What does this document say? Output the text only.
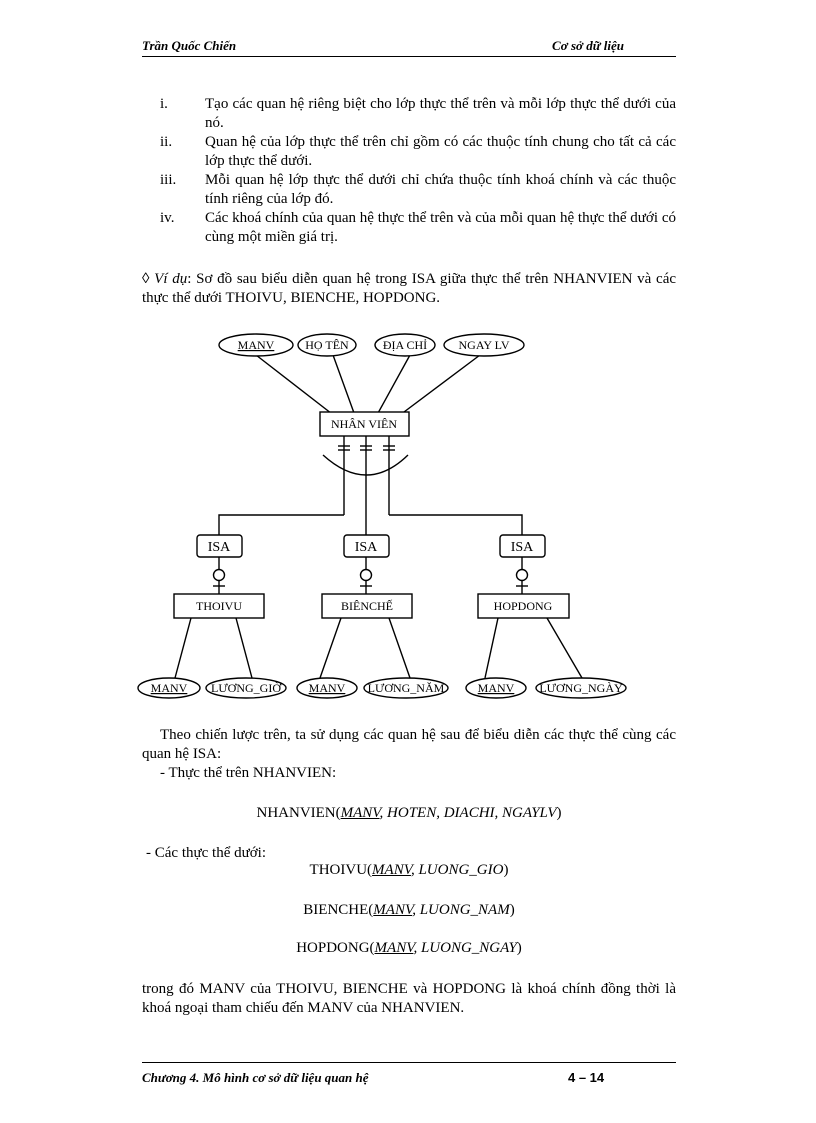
Trần Quốc Chiến	Cơ sở dữ liệu
i. Tạo các quan hệ riêng biệt cho lớp thực thể trên và mỗi lớp thực thể dưới của nó.
ii. Quan hệ của lớp thực thể trên chỉ gồm có các thuộc tính chung cho tất cả các lớp thực thể dưới.
iii. Mỗi quan hệ lớp thực thể dưới chỉ chứa thuộc tính khoá chính và các thuộc tính riêng của lớp đó.
iv. Các khoá chính của quan hệ thực thể trên và của mỗi quan hệ thực thể dưới có cùng một miền giá trị.
◊ Ví dụ: Sơ đồ sau biểu diễn quan hệ trong ISA giữa thực thể trên NHANVIEN và các thực thể dưới THOIVU, BIENCHE, HOPDONG.
MANV	HỌ TÊN	ĐỊA CHỈ	NGAY LV
NHÂN VIÊN
ISA	ISA	ISA
THOIVU	BIÊNCHẾ	HOPDONG
MANV LƯƠNG_GIỜ MANV LƯƠNG_NĂM	MANV LƯƠNG_NGÀY
Theo chiến lược trên, ta sử dụng các quan hệ sau để biểu diễn các thực thể cùng các quan hệ ISA:
- Thực thể trên NHANVIEN:
NHANVIEN(MANV, HOTEN, DIACHI, NGAYLV)
- Các thực thể dưới:
THOIVU(MANV, LUONG_GIO)
BIENCHE(MANV, LUONG_NAM)
HOPDONG(MANV, LUONG_NGAY)
trong đó MANV của THOIVU, BIENCHE và HOPDONG là khoá chính đồng thời là khoá ngoại tham chiếu đến MANV của NHANVIEN.
Chương 4. Mô hình cơ sở dữ liệu quan hệ	4 – 14
